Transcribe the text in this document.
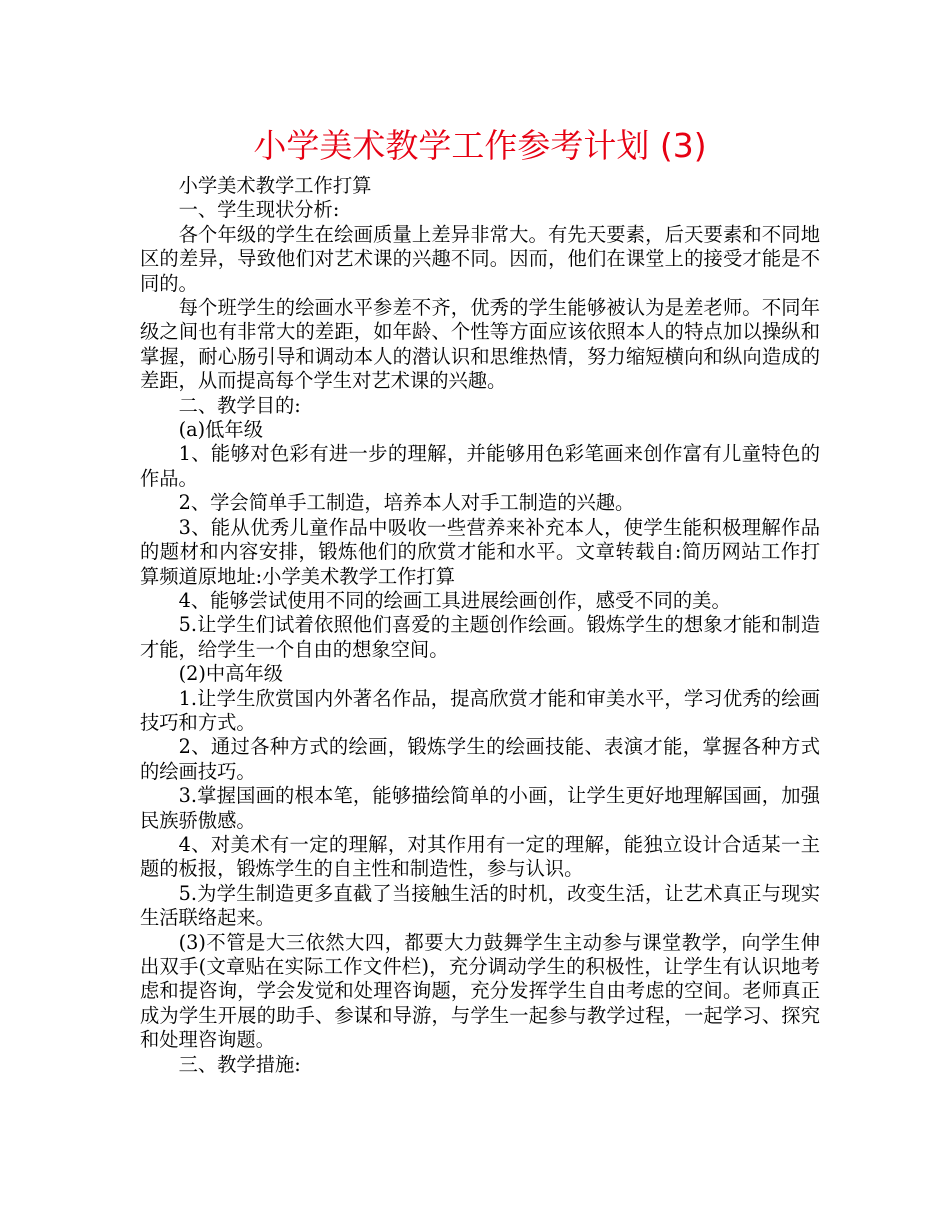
小学美术教学工作参考计划 (3)

小学美术教学工作打算

一、学生现状分析:

各个年级的学生在绘画质量上差异非常大。有先天要素，后天要素和不同地区的差异，导致他们对艺术课的兴趣不同。因而，他们在课堂上的接受才能是不同的。

每个班学生的绘画水平参差不齐，优秀的学生能够被认为是差老师。不同年级之间也有非常大的差距，如年龄、个性等方面应该依照本人的特点加以操纵和掌握，耐心肠引导和调动本人的潜认识和思维热情，努力缩短横向和纵向造成的差距，从而提高每个学生对艺术课的兴趣。

二、教学目的:

(a)低年级

1、能够对色彩有进一步的理解，并能够用色彩笔画来创作富有儿童特色的作品。

2、学会简单手工制造，培养本人对手工制造的兴趣。

3、能从优秀儿童作品中吸收一些营养来补充本人，使学生能积极理解作品的题材和内容安排，锻炼他们的欣赏才能和水平。文章转载自:简历网站工作打算频道原地址:小学美术教学工作打算

4、能够尝试使用不同的绘画工具进展绘画创作，感受不同的美。

5.让学生们试着依照他们喜爱的主题创作绘画。锻炼学生的想象才能和制造才能，给学生一个自由的想象空间。

(2)中高年级

1.让学生欣赏国内外著名作品，提高欣赏才能和审美水平，学习优秀的绘画技巧和方式。

2、通过各种方式的绘画，锻炼学生的绘画技能、表演才能，掌握各种方式的绘画技巧。

3.掌握国画的根本笔，能够描绘简单的小画，让学生更好地理解国画，加强民族骄傲感。

4、对美术有一定的理解，对其作用有一定的理解，能独立设计合适某一主题的板报，锻炼学生的自主性和制造性，参与认识。

5.为学生制造更多直截了当接触生活的时机，改变生活，让艺术真正与现实生活联络起来。

(3)不管是大三依然大四，都要大力鼓舞学生主动参与课堂教学，向学生伸出双手(文章贴在实际工作文件栏)，充分调动学生的积极性，让学生有认识地考虑和提咨询，学会发觉和处理咨询题，充分发挥学生自由考虑的空间。老师真正成为学生开展的助手、参谋和导游，与学生一起参与教学过程，一起学习、探究和处理咨询题。

三、教学措施:
